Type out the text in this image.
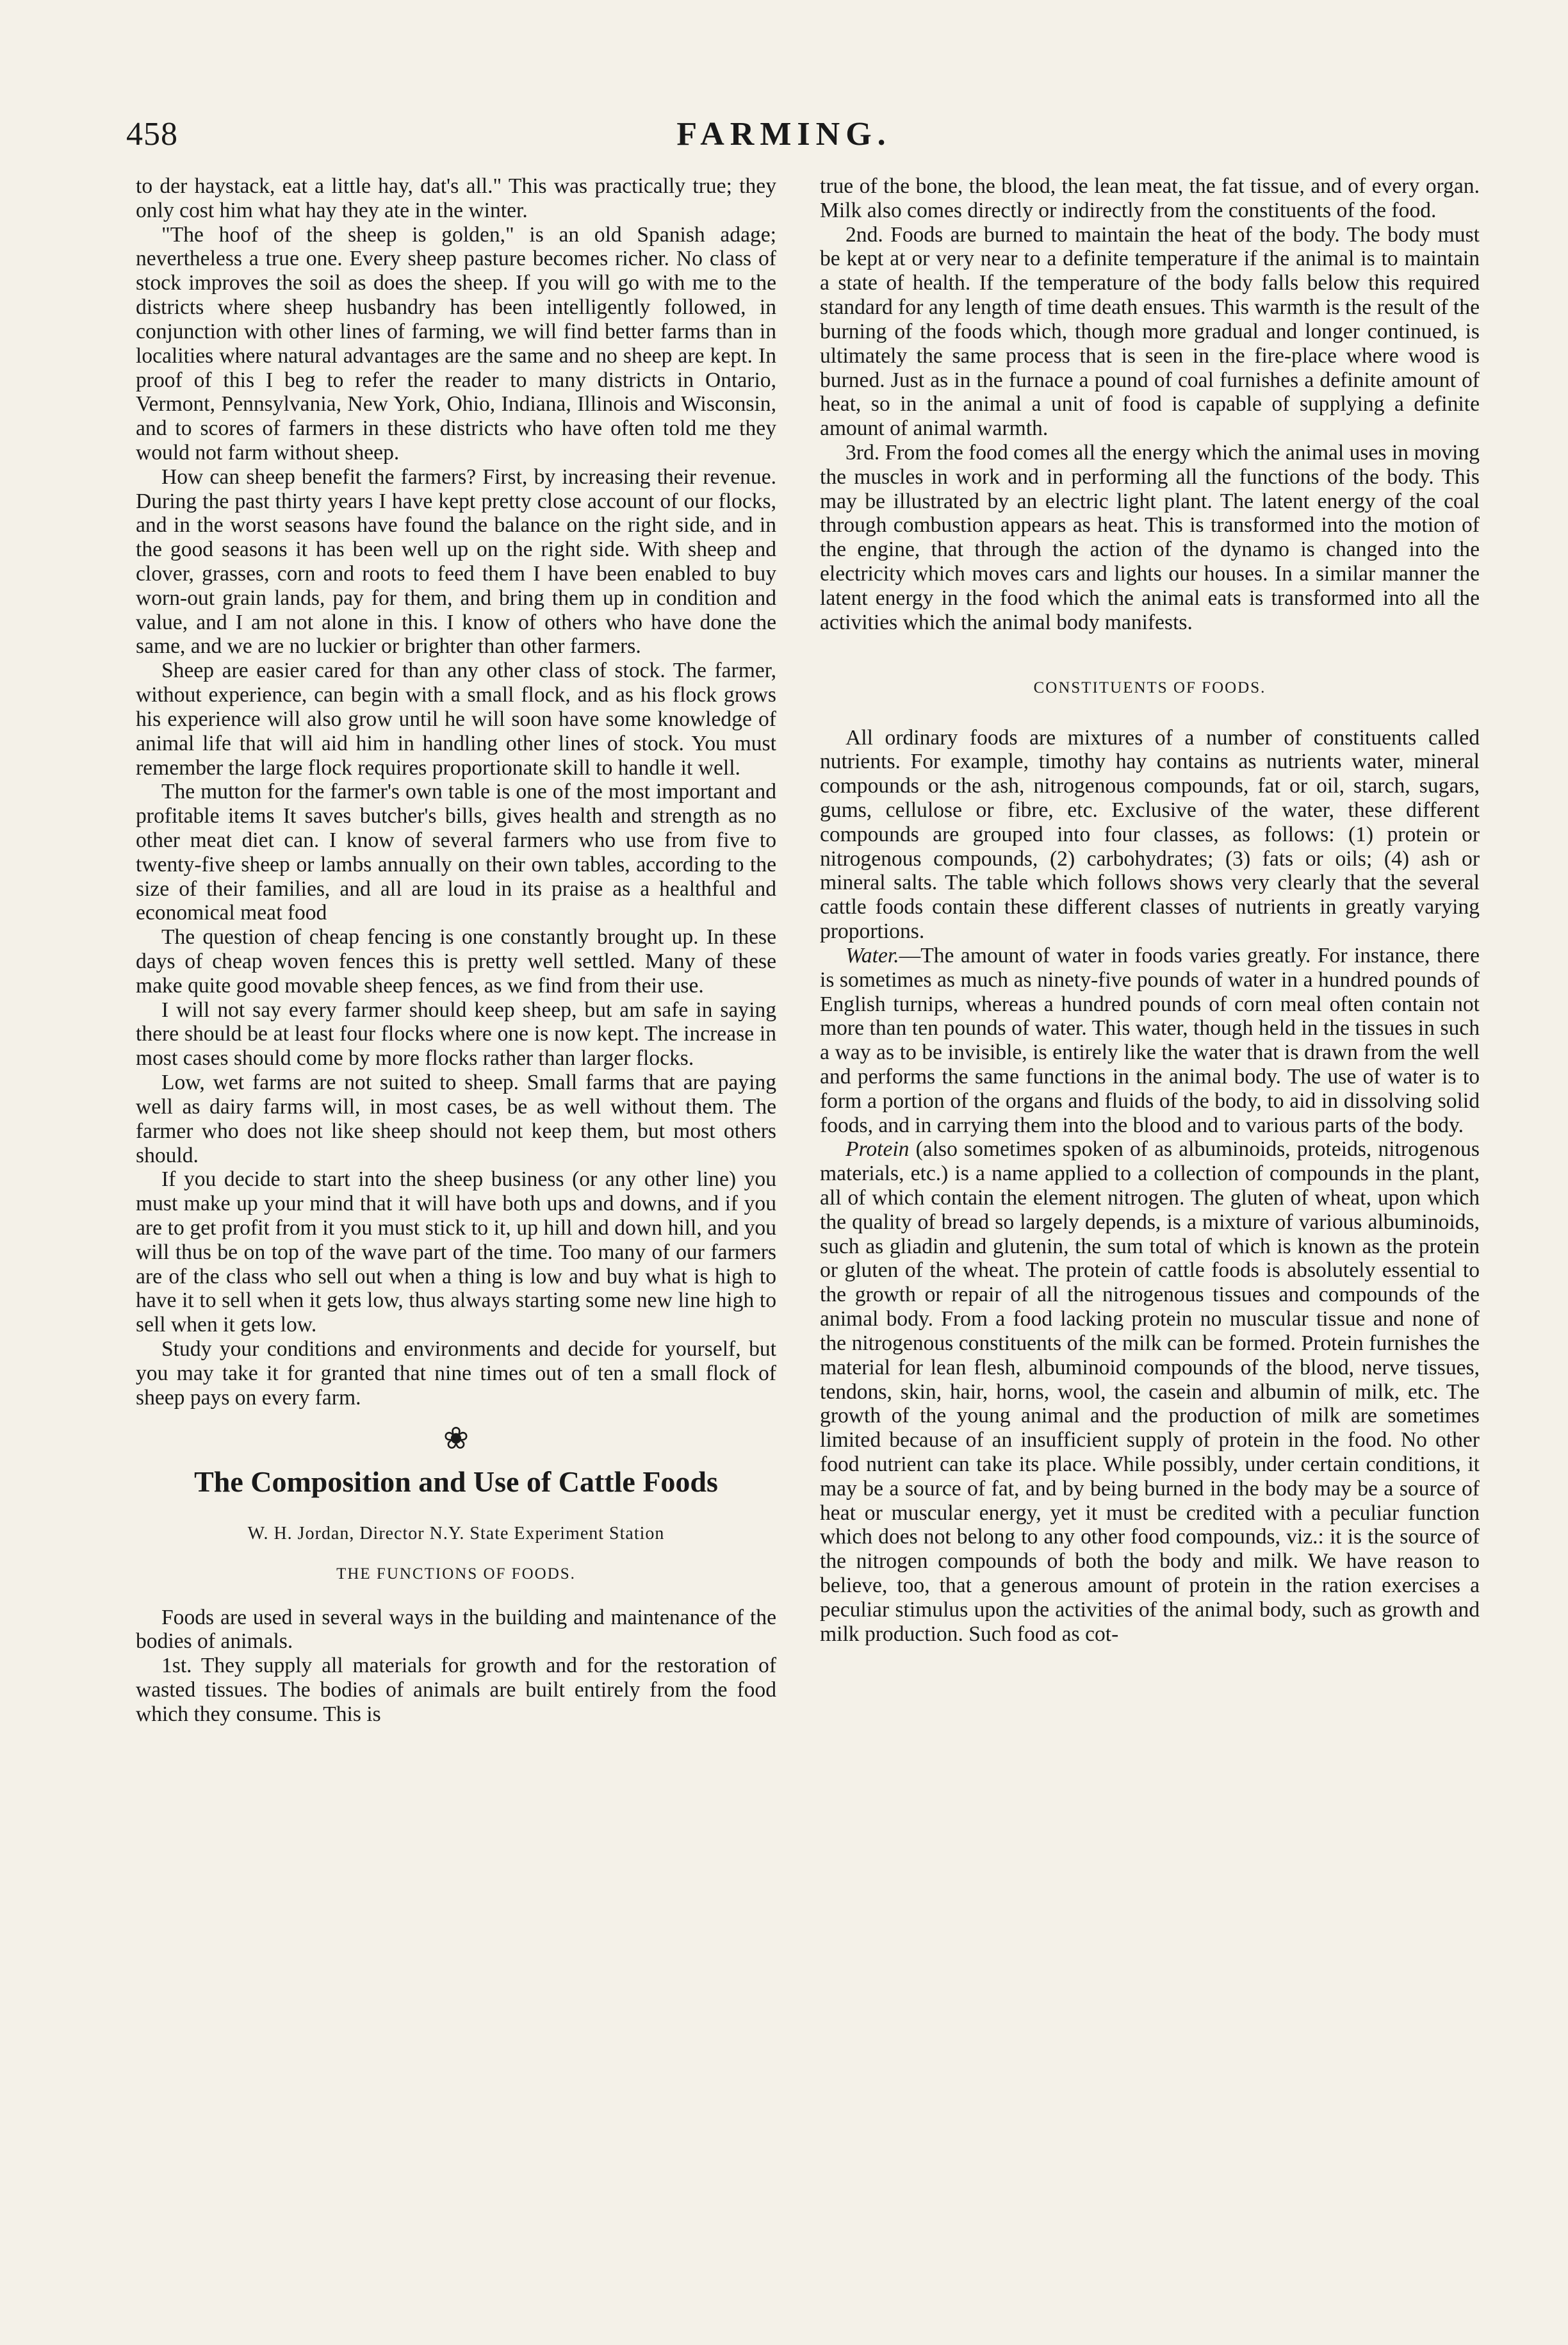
458	FARMING.

to der haystack, eat a little hay, dat's all." This was practically true; they only cost him what hay they ate in the winter.

"The hoof of the sheep is golden," is an old Spanish adage; nevertheless a true one. Every sheep pasture becomes richer. No class of stock improves the soil as does the sheep. If you will go with me to the districts where sheep husbandry has been intelligently followed, in conjunction with other lines of farming, we will find better farms than in localities where natural advantages are the same and no sheep are kept. In proof of this I beg to refer the reader to many districts in Ontario, Vermont, Pennsylvania, New York, Ohio, Indiana, Illinois and Wisconsin, and to scores of farmers in these districts who have often told me they would not farm without sheep.

How can sheep benefit the farmers? First, by increasing their revenue. During the past thirty years I have kept pretty close account of our flocks, and in the worst seasons have found the balance on the right side, and in the good seasons it has been well up on the right side. With sheep and clover, grasses, corn and roots to feed them I have been enabled to buy worn-out grain lands, pay for them, and bring them up in condition and value, and I am not alone in this. I know of others who have done the same, and we are no luckier or brighter than other farmers.

Sheep are easier cared for than any other class of stock. The farmer, without experience, can begin with a small flock, and as his flock grows his experience will also grow until he will soon have some knowledge of animal life that will aid him in handling other lines of stock. You must remember the large flock requires proportionate skill to handle it well.

The mutton for the farmer's own table is one of the most important and profitable items It saves butcher's bills, gives health and strength as no other meat diet can. I know of several farmers who use from five to twenty-five sheep or lambs annually on their own tables, according to the size of their families, and all are loud in its praise as a healthful and economical meat food

The question of cheap fencing is one constantly brought up. In these days of cheap woven fences this is pretty well settled. Many of these make quite good movable sheep fences, as we find from their use.

I will not say every farmer should keep sheep, but am safe in saying there should be at least four flocks where one is now kept. The increase in most cases should come by more flocks rather than larger flocks.

Low, wet farms are not suited to sheep. Small farms that are paying well as dairy farms will, in most cases, be as well without them. The farmer who does not like sheep should not keep them, but most others should.

If you decide to start into the sheep business (or any other line) you must make up your mind that it will have both ups and downs, and if you are to get profit from it you must stick to it, up hill and down hill, and you will thus be on top of the wave part of the time. Too many of our farmers are of the class who sell out when a thing is low and buy what is high to have it to sell when it gets low, thus always starting some new line high to sell when it gets low.

Study your conditions and environments and decide for yourself, but you may take it for granted that nine times out of ten a small flock of sheep pays on every farm.

❀
The Composition and Use of Cattle Foods
W. H. Jordan, Director N.Y. State Experiment Station
THE FUNCTIONS OF FOODS.

Foods are used in several ways in the building and maintenance of the bodies of animals.

1st. They supply all materials for growth and for the restoration of wasted tissues. The bodies of animals are built entirely from the food which they consume. This is

true of the bone, the blood, the lean meat, the fat tissue, and of every organ. Milk also comes directly or indirectly from the constituents of the food.

2nd. Foods are burned to maintain the heat of the body. The body must be kept at or very near to a definite temperature if the animal is to maintain a state of health. If the temperature of the body falls below this required standard for any length of time death ensues. This warmth is the result of the burning of the foods which, though more gradual and longer continued, is ultimately the same process that is seen in the fire-place where wood is burned. Just as in the furnace a pound of coal furnishes a definite amount of heat, so in the animal a unit of food is capable of supplying a definite amount of animal warmth.

3rd. From the food comes all the energy which the animal uses in moving the muscles in work and in performing all the functions of the body. This may be illustrated by an electric light plant. The latent energy of the coal through combustion appears as heat. This is transformed into the motion of the engine, that through the action of the dynamo is changed into the electricity which moves cars and lights our houses. In a similar manner the latent energy in the food which the animal eats is transformed into all the activities which the animal body manifests.

CONSTITUENTS OF FOODS.

All ordinary foods are mixtures of a number of constituents called nutrients. For example, timothy hay contains as nutrients water, mineral compounds or the ash, nitrogenous compounds, fat or oil, starch, sugars, gums, cellulose or fibre, etc. Exclusive of the water, these different compounds are grouped into four classes, as follows: (1) protein or nitrogenous compounds, (2) carbohydrates; (3) fats or oils; (4) ash or mineral salts. The table which follows shows very clearly that the several cattle foods contain these different classes of nutrients in greatly varying proportions.

Water.—The amount of water in foods varies greatly. For instance, there is sometimes as much as ninety-five pounds of water in a hundred pounds of English turnips, whereas a hundred pounds of corn meal often contain not more than ten pounds of water. This water, though held in the tissues in such a way as to be invisible, is entirely like the water that is drawn from the well and performs the same functions in the animal body. The use of water is to form a portion of the organs and fluids of the body, to aid in dissolving solid foods, and in carrying them into the blood and to various parts of the body.

Protein (also sometimes spoken of as albuminoids, proteids, nitrogenous materials, etc.) is a name applied to a collection of compounds in the plant, all of which contain the element nitrogen. The gluten of wheat, upon which the quality of bread so largely depends, is a mixture of various albuminoids, such as gliadin and glutenin, the sum total of which is known as the protein or gluten of the wheat. The protein of cattle foods is absolutely essential to the growth or repair of all the nitrogenous tissues and compounds of the animal body. From a food lacking protein no muscular tissue and none of the nitrogenous constituents of the milk can be formed. Protein furnishes the material for lean flesh, albuminoid compounds of the blood, nerve tissues, tendons, skin, hair, horns, wool, the casein and albumin of milk, etc. The growth of the young animal and the production of milk are sometimes limited because of an insufficient supply of protein in the food. No other food nutrient can take its place. While possibly, under certain conditions, it may be a source of fat, and by being burned in the body may be a source of heat or muscular energy, yet it must be credited with a peculiar function which does not belong to any other food compounds, viz.: it is the source of the nitrogen compounds of both the body and milk. We have reason to believe, too, that a generous amount of protein in the ration exercises a peculiar stimulus upon the activities of the animal body, such as growth and milk production. Such food as cot-
